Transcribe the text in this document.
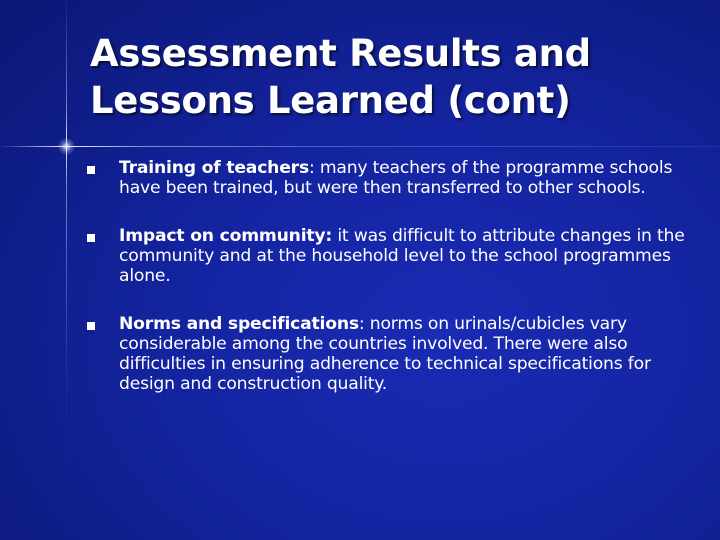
Assessment Results and
Lessons Learned (cont)
Training of teachers: many teachers of the programme schools have been trained, but were then transferred to other schools.
Impact on community: it was difficult to attribute changes in the community and at the household level to the school programmes alone.
Norms and specifications: norms on urinals/cubicles vary considerable among the countries involved. There were also difficulties in ensuring adherence to technical specifications for design and construction quality.
